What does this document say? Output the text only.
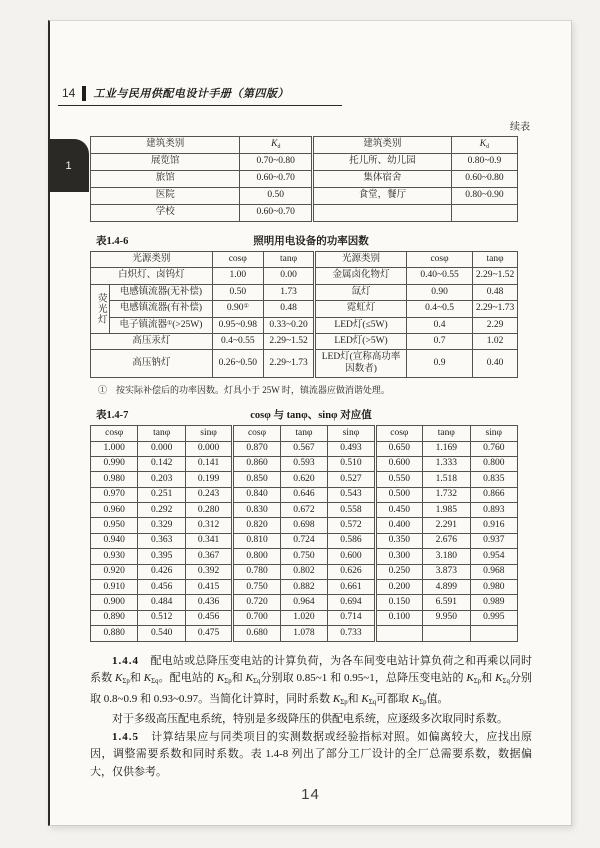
1
14 工业与民用供配电设计手册（第四版）
续表
建筑类别	$K_d$	建筑类别	$K_d$
展览馆	0.70~0.80	托儿所、幼儿园	0.80~0.9
旅馆	0.60~0.70	集体宿舍	0.60~0.80
医院	0.50	食堂，餐厅	0.80~0.90
学校	0.60~0.70		
表1.4-6	照明用电设备的功率因数
光源类别		cosφ	tanφ	光源类别	cosφ	tanφ
白炽灯、卤钨灯		1.00	0.00	金属卤化物灯	0.40~0.55	2.29~1.52
荧光灯	电感镇流器(无补偿)	0.50	1.73	氙灯	0.90	0.48
	电感镇流器(有补偿)	0.90①	0.48	霓虹灯	0.4~0.5	2.29~1.73
	电子镇流器①(>25W)	0.95~0.98	0.33~0.20	LED灯(≤5W)	0.4	2.29
高压汞灯		0.4~0.55	2.29~1.52	LED灯(>5W)	0.7	1.02
高压钠灯		0.26~0.50	2.29~1.73	LED灯(宣称高功率因数者)	0.9	0.40
①　按实际补偿后的功率因数。灯具小于 25W 时，镇流器应做消谐处理。
表1.4-7	cosφ 与 tanφ、sinφ 对应值
cosφ	tanφ	sinφ	cosφ	tanφ	sinφ	cosφ	tanφ	sinφ
1.000	0.000	0.000	0.870	0.567	0.493	0.650	1.169	0.760
0.990	0.142	0.141	0.860	0.593	0.510	0.600	1.333	0.800
0.980	0.203	0.199	0.850	0.620	0.527	0.550	1.518	0.835
0.970	0.251	0.243	0.840	0.646	0.543	0.500	1.732	0.866
0.960	0.292	0.280	0.830	0.672	0.558	0.450	1.985	0.893
0.950	0.329	0.312	0.820	0.698	0.572	0.400	2.291	0.916
0.940	0.363	0.341	0.810	0.724	0.586	0.350	2.676	0.937
0.930	0.395	0.367	0.800	0.750	0.600	0.300	3.180	0.954
0.920	0.426	0.392	0.780	0.802	0.626	0.250	3.873	0.968
0.910	0.456	0.415	0.750	0.882	0.661	0.200	4.899	0.980
0.900	0.484	0.436	0.720	0.964	0.694	0.150	6.591	0.989
0.890	0.512	0.456	0.700	1.020	0.714	0.100	9.950	0.995
0.880	0.540	0.475	0.680	1.078	0.733			

1.4.4　配电站或总降压变电站的计算负荷，为各车间变电站计算负荷之和再乘以同时系数 $K_{\Sigma p}$和 $K_{\Sigma q}$。配电站的 $K_{\Sigma p}$和 $K_{\Sigma q}$分别取 0.85~1 和 0.95~1，总降压变电站的 $K_{\Sigma p}$和 $K_{\Sigma q}$分别取 0.8~0.9 和 0.93~0.97。当简化计算时，同时系数 $K_{\Sigma p}$和 $K_{\Sigma q}$可都取 $K_{\Sigma p}$值。

对于多级高压配电系统，特别是多级降压的供配电系统，应逐级多次取同时系数。

1.4.5　计算结果应与同类项目的实测数据或经验指标对照。如偏离较大，应找出原因，调整需要系数和同时系数。表 1.4-8 列出了部分工厂设计的全厂总需要系数，数据偏大，仅供参考。

14
